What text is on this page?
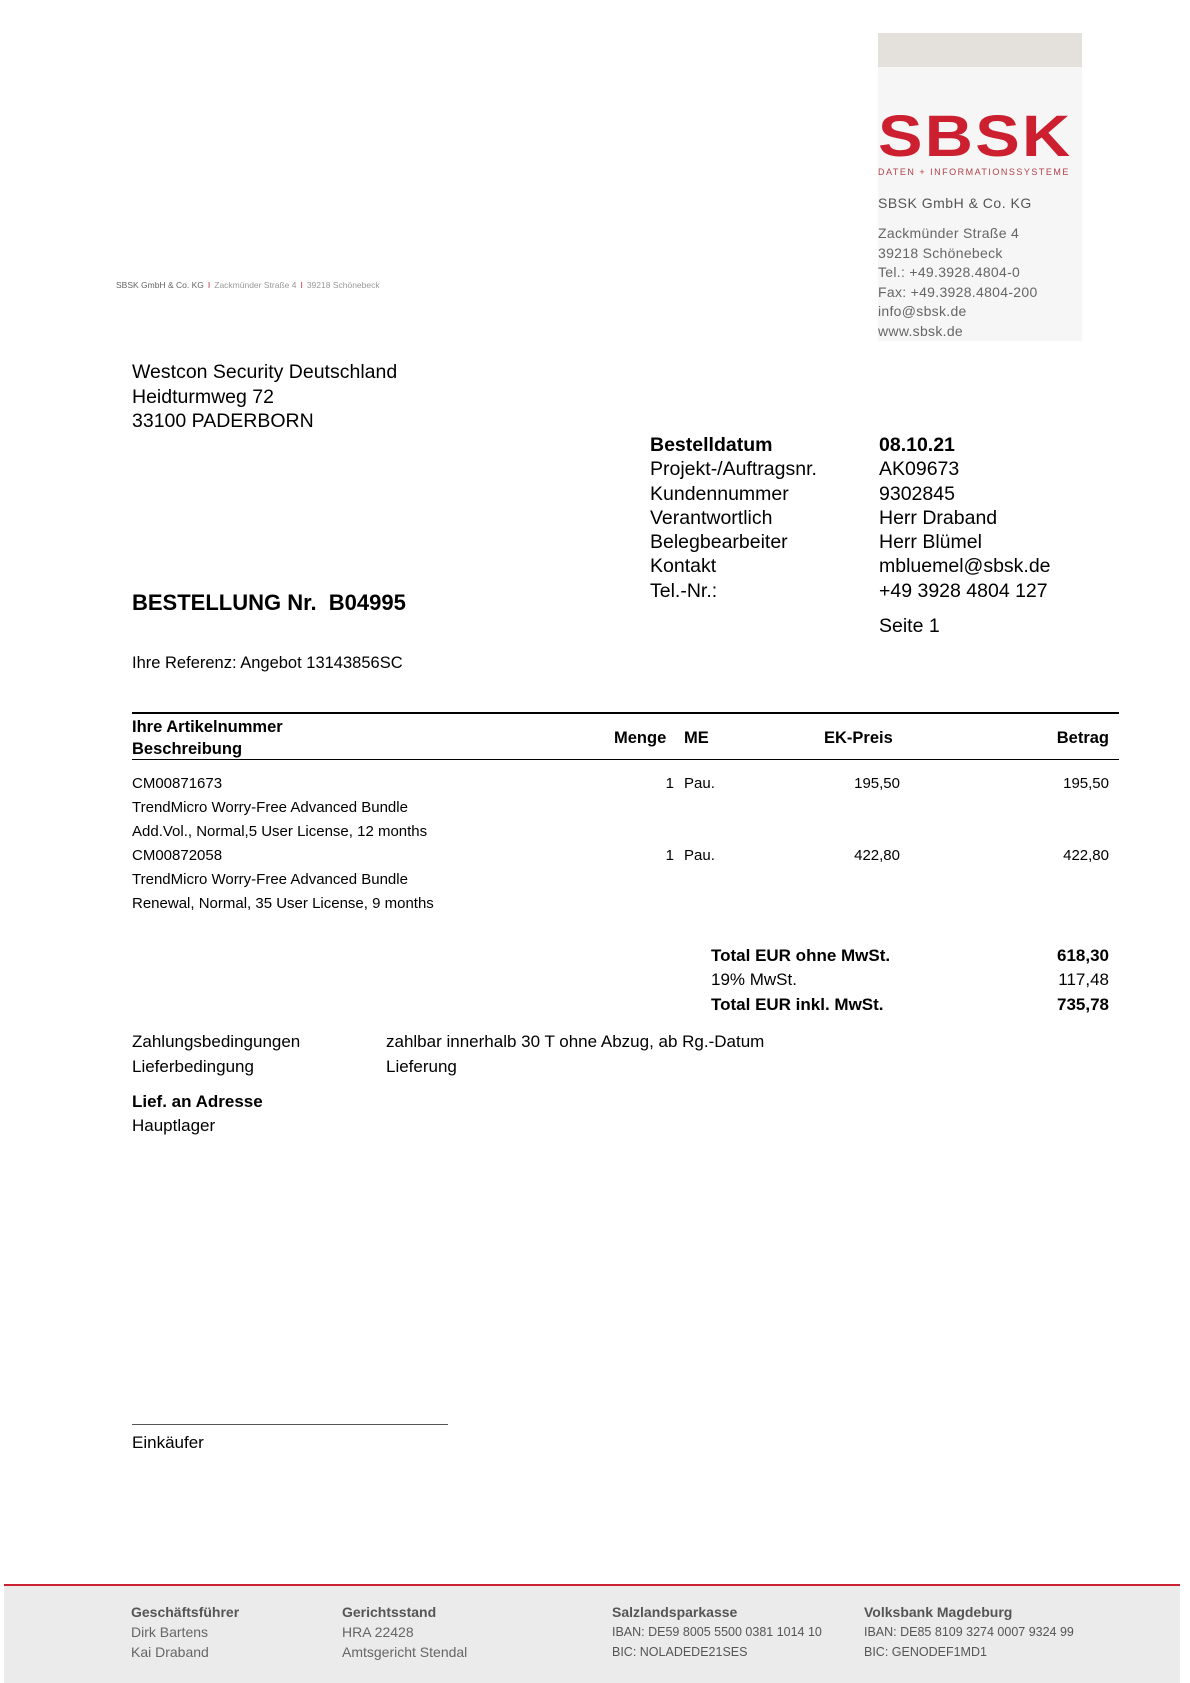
SBSK
DATEN + INFORMATIONSSYSTEME
SBSK GmbH & Co. KG
Zackmünder Straße 4
39218 Schönebeck
Tel.: +49.3928.4804-0
Fax: +49.3928.4804-200
info@sbsk.de
www.sbsk.de
SBSK GmbH & Co. KG I Zackmünder Straße 4 I 39218 Schönebeck
Westcon Security Deutschland
Heidturmweg 72
33100 PADERBORN
Bestelldatum	08.10.21
Projekt-/Auftragsnr.	AK09673
Kundennummer	9302845
Verantwortlich	Herr Draband
Belegbearbeiter	Herr Blümel
Kontakt	mbluemel@sbsk.de
Tel.-Nr.:	+49 3928 4804 127
Seite 1
BESTELLUNG Nr.  B04995
Ihre Referenz: Angebot 13143856SC
Ihre Artikelnummer
Beschreibung
Menge ME	EK-Preis	Betrag
CM00871673	1 Pau.	195,50	195,50
TrendMicro Worry-Free Advanced Bundle
Add.Vol., Normal,5 User License, 12 months
CM00872058	1 Pau.	422,80	422,80
TrendMicro Worry-Free Advanced Bundle
Renewal, Normal, 35 User License, 9 months
Total EUR ohne MwSt.	618,30
19% MwSt.	117,48
Total EUR inkl. MwSt.	735,78
Zahlungsbedingungen	zahlbar innerhalb 30 T ohne Abzug, ab Rg.-Datum
Lieferbedingung	Lieferung
Lief. an Adresse
Hauptlager
Einkäufer
Geschäftsführer
Dirk Bartens
Kai Draband
Gerichtsstand
HRA 22428
Amtsgericht Stendal
Salzlandsparkasse
IBAN: DE59 8005 5500 0381 1014 10
BIC: NOLADEDE21SES
Volksbank Magdeburg
IBAN: DE85 8109 3274 0007 9324 99
BIC: GENODEF1MD1
